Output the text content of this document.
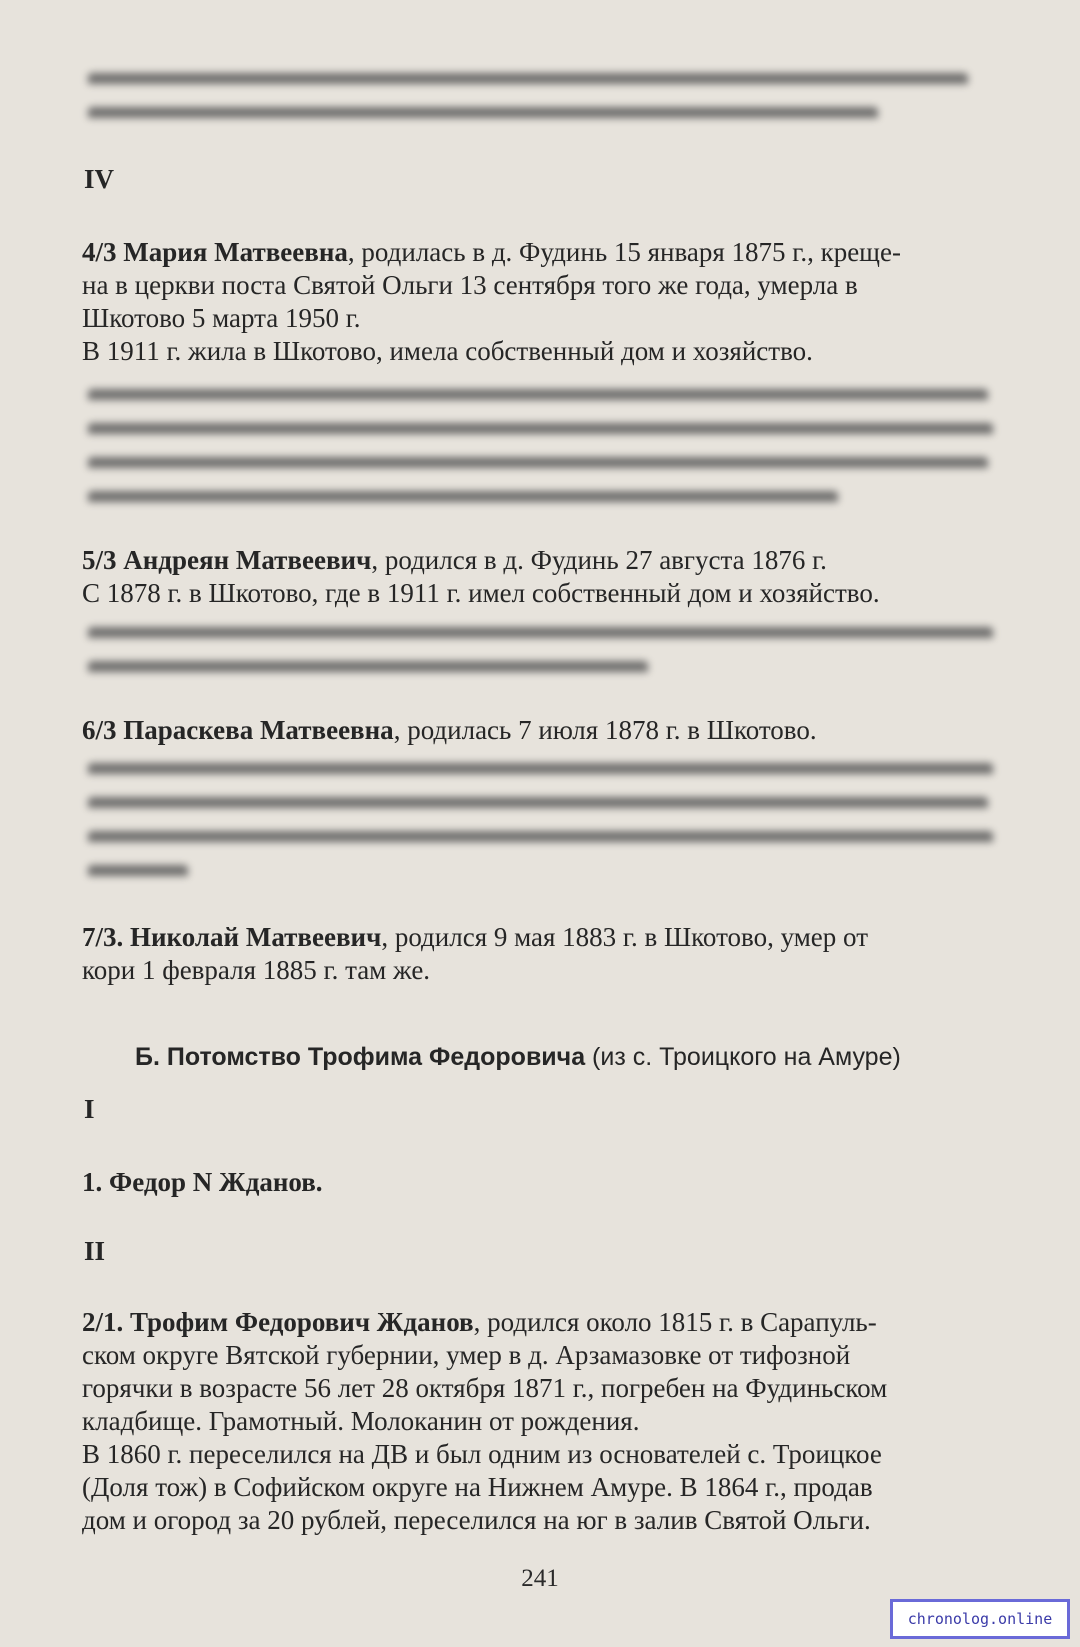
IV
4/3 Мария Матвеевна, родилась в д. Фудинь 15 января 1875 г., креще-
на в церкви поста Святой Ольги 13 сентября того же года, умерла в
Шкотово 5 марта 1950 г.
В 1911 г. жила в Шкотово, имела собственный дом и хозяйство.
5/3 Андреян Матвеевич, родился в д. Фудинь 27 августа 1876 г.
С 1878 г. в Шкотово, где в 1911 г. имел собственный дом и хозяйство.
6/3 Параскева Матвеевна, родилась 7 июля 1878 г. в Шкотово.
7/3. Николай Матвеевич, родился 9 мая 1883 г. в Шкотово, умер от
кори 1 февраля 1885 г. там же.
Б. Потомство Трофима Федоровича (из с. Троицкого на Амуре)
I
1. Федор N Жданов.
II
2/1. Трофим Федорович Жданов, родился около 1815 г. в Сарапуль-
ском округе Вятской губернии, умер в д. Арзамазовке от тифозной
горячки в возрасте 56 лет 28 октября 1871 г., погребен на Фудиньском
кладбище. Грамотный. Молоканин от рождения.
В 1860 г. переселился на ДВ и был одним из основателей с. Троицкое
(Доля тож) в Софийском округе на Нижнем Амуре. В 1864 г., продав
дом и огород за 20 рублей, переселился на юг в залив Святой Ольги.
241
chronolog.online
